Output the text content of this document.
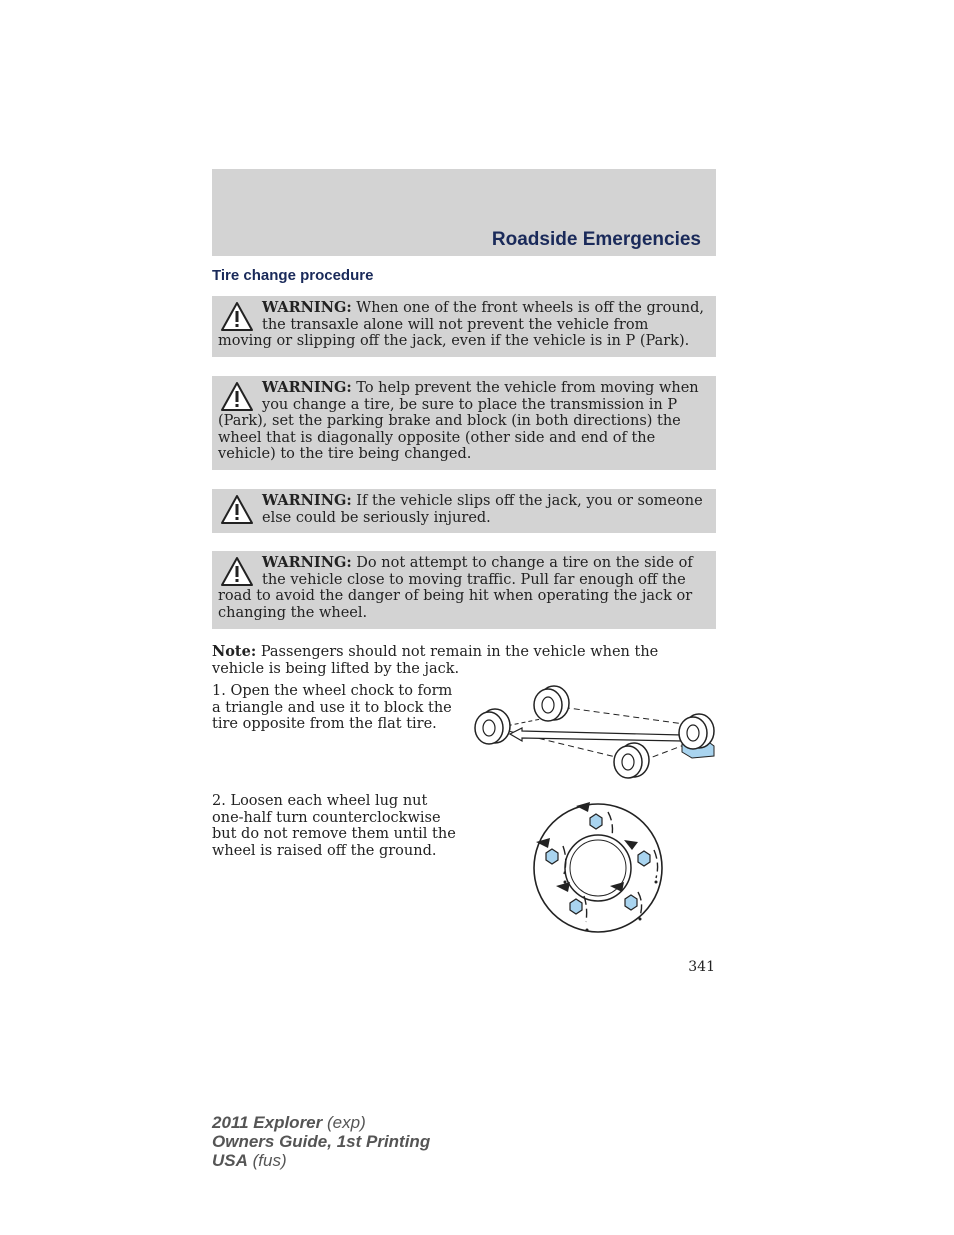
Roadside Emergencies
Tire change procedure
WARNING: When one of the front wheels is off the ground, the transaxle alone will not prevent the vehicle from moving or slipping off the jack, even if the vehicle is in P (Park).
WARNING: To help prevent the vehicle from moving when you change a tire, be sure to place the transmission in P (Park), set the parking brake and block (in both directions) the wheel that is diagonally opposite (other side and end of the vehicle) to the tire being changed.
WARNING: If the vehicle slips off the jack, you or someone else could be seriously injured.
WARNING: Do not attempt to change a tire on the side of the vehicle close to moving traffic. Pull far enough off the road to avoid the danger of being hit when operating the jack or changing the wheel.
Note: Passengers should not remain in the vehicle when the vehicle is being lifted by the jack.
1. Open the wheel chock to form a triangle and use it to block the tire opposite from the flat tire.
2. Loosen each wheel lug nut one-half turn counterclockwise but do not remove them until the wheel is raised off the ground.
341
2011 Explorer (exp)
Owners Guide, 1st Printing
USA (fus)
